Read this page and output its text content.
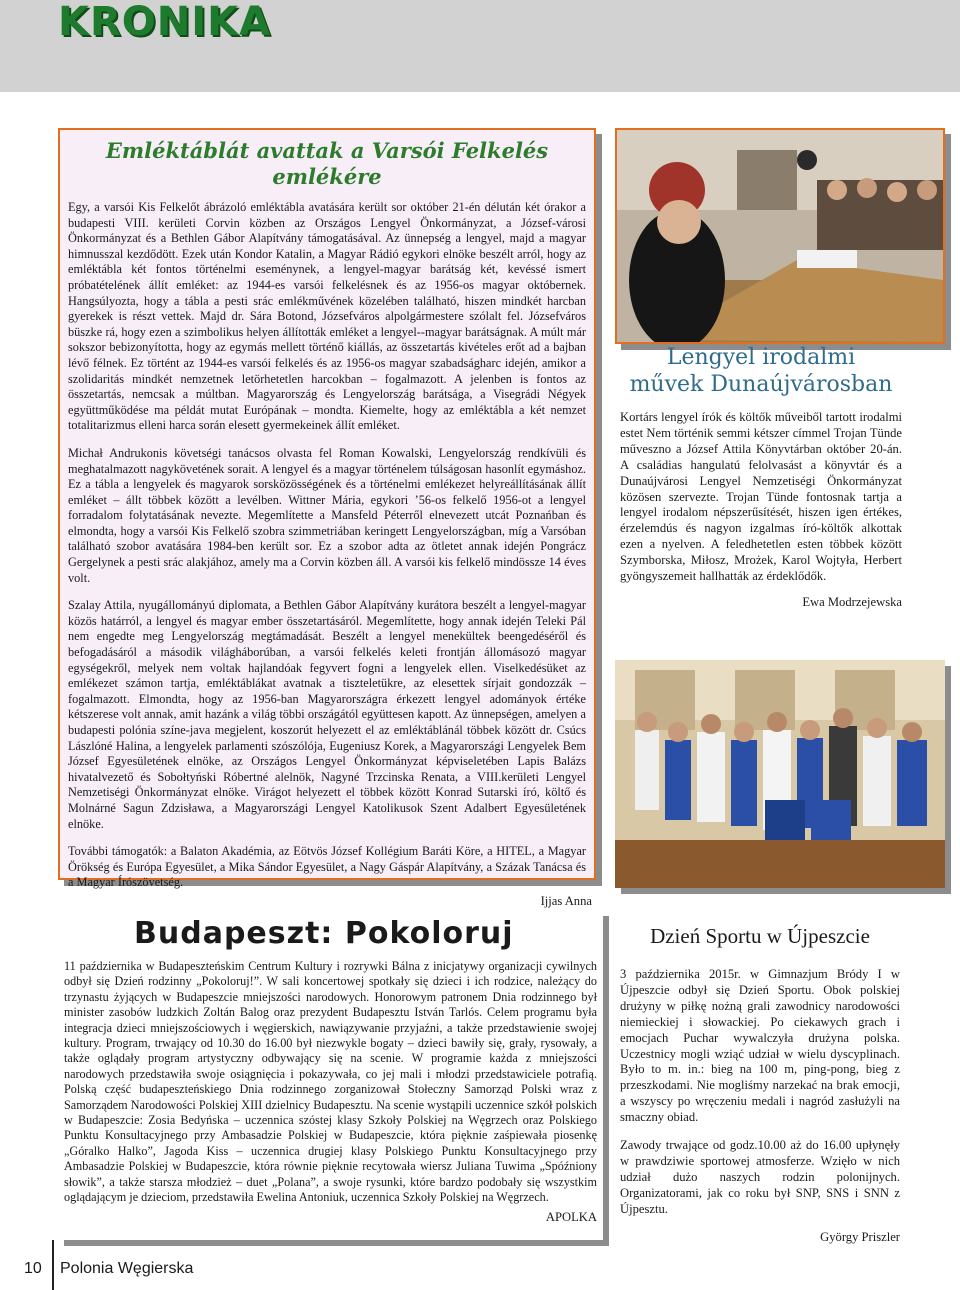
KRONIKA

Emléktáblát avattak a Varsói Felkelés

emlékére

Egy, a varsói Kis Felkelőt ábrázoló emléktábla avatására került sor október 21-én délután két órakor a budapesti VIII. kerületi Corvin közben az Országos Lengyel Önkormányzat, a József-városi Önkormányzat és a Bethlen Gábor Alapítvány támogatásával. Az ünnepség a lengyel, majd a magyar himnusszal kezdődött. Ezek után Kondor Katalin, a Magyar Rádió egykori elnöke beszélt arról, hogy az emléktábla két fontos történelmi eseménynek, a lengyel-magyar barátság két, kevéssé ismert próbatételének állít emléket: az 1944-es varsói felkelésnek és az 1956-os magyar októbernek. Hangsúlyozta, hogy a tábla a pesti srác emlékművének közelében található, hiszen mindkét harcban gyerekek is részt vettek. Majd dr. Sára Botond, Józsefváros alpolgármestere szólalt fel. Józsefváros büszke rá, hogy ezen a szimbolikus helyen állították emléket a lengyel--magyar barátságnak. A múlt már sokszor bebizonyította, hogy az egymás mellett történő kiállás, az összetartás kivételes erőt ad a bajban lévő félnek. Ez történt az 1944-es varsói felkelés és az 1956-os magyar szabadságharc idején, amikor a szolidaritás mindkét nemzetnek letörhetetlen harcokban – fogalmazott. A jelenben is fontos az összetartás, nemcsak a múltban. Magyarország és Lengyelország barátsága, a Visegrádi Négyek együttműködése ma példát mutat Európának – mondta. Kiemelte, hogy az emléktábla a két nemzet totalitarizmus elleni harca során elesett gyermekeinek állít emléket.

Michał Andrukonis követségi tanácsos olvasta fel Roman Kowalski, Lengyelország rendkívüli és meghatalmazott nagykövetének sorait. A lengyel és a magyar történelem túlságosan hasonlít egymáshoz. Ez a tábla a lengyelek és magyarok sorsközösségének és a történelmi emlékezet helyreállításának állít emléket – állt többek között a levélben. Wittner Mária, egykori ’56-os felkelő 1956-ot a lengyel forradalom folytatásának nevezte. Megemlítette a Mansfeld Péterről elnevezett utcát Poznańban és elmondta, hogy a varsói Kis Felkelő szobra szimmetriában keringett Lengyelországban, míg a Varsóban található szobor avatására 1984-ben került sor. Ez a szobor adta az ötletet annak idején Pongrácz Gergelynek a pesti srác alakjához, amely ma a Corvin közben áll. A varsói kis felkelő mindössze 14 éves volt.

Szalay Attila, nyugállományú diplomata, a Bethlen Gábor Alapítvány kurátora beszélt a lengyel-magyar közös határról, a lengyel és magyar ember összetartásáról. Megemlítette, hogy annak idején Teleki Pál nem engedte meg Lengyelország megtámadását. Beszélt a lengyel menekültek beengedéséről és befogadásáról a második világháborúban, a varsói felkelés keleti frontján állomásozó magyar egységekről, melyek nem voltak hajlandóak fegyvert fogni a lengyelek ellen. Viselkedésüket az emlékezet számon tartja, emléktáblákat avatnak a tiszteletükre, az elesettek sírjait gondozzák – fogalmazott. Elmondta, hogy az 1956-ban Magyarországra érkezett lengyel adományok értéke kétszerese volt annak, amit hazánk a világ többi országától együttesen kapott. Az ünnepségen, amelyen a budapesti polónia színe-java megjelent, koszorút helyezett el az emléktáblánál többek között dr. Csúcs Lászlóné Halina, a lengyelek parlamenti szószólója, Eugeniusz Korek, a Magyarországi Lengyelek Bem József Egyesületének elnöke, az Országos Lengyel Önkormányzat képviseletében Lapis Balázs hivatalvezető és Sobołtyński Róbertné alelnök, Nagyné Trzcinska Renata, a VIII.kerületi Lengyel Nemzetiségi Önkormányzat elnöke. Virágot helyezett el többek között Konrad Sutarski író, költő és Molnárné Sagun Zdzisława, a Magyarországi Lengyel Katolikusok Szent Adalbert Egyesületének elnöke.

További támogatók: a Balaton Akadémia, az Eötvös József Kollégium Baráti Köre, a HITEL, a Magyar Örökség és Európa Egyesület, a Mika Sándor Egyesület, a Nagy Gáspár Alapítvány, a Százak Tanácsa és a Magyar Írószövetség.

Ijjas Anna

Lengyel irodalmi

művek Dunaújvárosban

Kortárs lengyel írók és költők műveiből tartott irodalmi estet Nem történik semmi kétszer címmel Trojan Tünde műveszno a József Attila Könyvtárban október 20-án. A családias hangulatú felolvasást a könyvtár és a Dunaújvárosi Lengyel Nemzetiségi Önkormányzat közösen szervezte. Trojan Tünde fontosnak tartja a lengyel irodalom népszerűsítését, hiszen igen értékes, érzelemdús és nagyon izgalmas író-költők alkottak ezen a nyelven. A feledhetetlen esten többek között Szymborska, Miłosz, Mrożek, Karol Wojtyła, Herbert gyöngyszemeit hallhatták az érdeklődők.

Ewa Modrzejewska

Budapeszt: Pokoloruj

11 października w Budapeszteńskim Centrum Kultury i rozrywki Bálna z inicjatywy organizacji cywilnych odbył się Dzień rodzinny „Pokoloruj!”. W sali koncertowej spotkały się dzieci i ich rodzice, należący do trzynastu żyjących w Budapeszcie mniejszości narodowych. Honorowym patronem Dnia rodzinnego był minister zasobów ludzkich Zoltán Balog oraz prezydent Budapesztu István Tarlós. Celem programu była integracja dzieci mniejszościowych i węgierskich, nawiązywanie przyjaźni, a także przedstawienie swojej kultury. Program, trwający od 10.30 do 16.00 był niezwykle bogaty – dzieci bawiły się, grały, rysowały, a także oglądały program artystyczny odbywający się na scenie. W programie każda z mniejszości narodowych przedstawiła swoje osiągnięcia i pokazywała, co jej mali i młodzi przedstawiciele potrafią. Polską część budapeszteńskiego Dnia rodzinnego zorganizował Stołeczny Samorząd Polski wraz z Samorządem Narodowości Polskiej XIII dzielnicy Budapesztu. Na scenie wystąpili uczennice szkół polskich w Budapeszcie: Zosia Bedyńska – uczennica szóstej klasy Szkoły Polskiej na Węgrzech oraz Polskiego Punktu Konsultacyjnego przy Ambasadzie Polskiej w Budapeszcie, która pięknie zaśpiewała piosenkę „Góralko Halko”, Jagoda Kiss – uczennica drugiej klasy Polskiego Punktu Konsultacyjnego przy Ambasadzie Polskiej w Budapeszcie, która równie pięknie recytowała wiersz Juliana Tuwima „Spóźniony słowik”, a także starsza młodzież – duet „Polana”, a swoje rysunki, które bardzo podobały się wszystkim oglądającym je dzieciom, przedstawiła Ewelina Antoniuk, uczennica Szkoły Polskiej na Węgrzech.

APOLKA

Dzień Sportu w Újpeszcie

3 października 2015r. w Gimnazjum Bródy I w Újpeszcie odbył się Dzień Sportu. Obok polskiej drużyny w piłkę nożną grali zawodnicy narodowości niemieckiej i słowackiej. Po ciekawych grach i emocjach Puchar wywalczyła drużyna polska. Uczestnicy mogli wziąć udział w wielu dyscyplinach. Było to m. in.: bieg na 100 m, ping-pong, bieg z przeszkodami. Nie mogliśmy narzekać na brak emocji, a wszyscy po wręczeniu medali i nagród zasłużyli na smaczny obiad.

Zawody trwające od godz.10.00 aż do 16.00 upłynęły w prawdziwie sportowej atmosferze. Wzięło w nich udział dużo naszych rodzin polonijnych. Organizatorami, jak co roku był SNP, SNS i SNN z Újpesztu.

György Priszler

10 Polonia Węgierska
